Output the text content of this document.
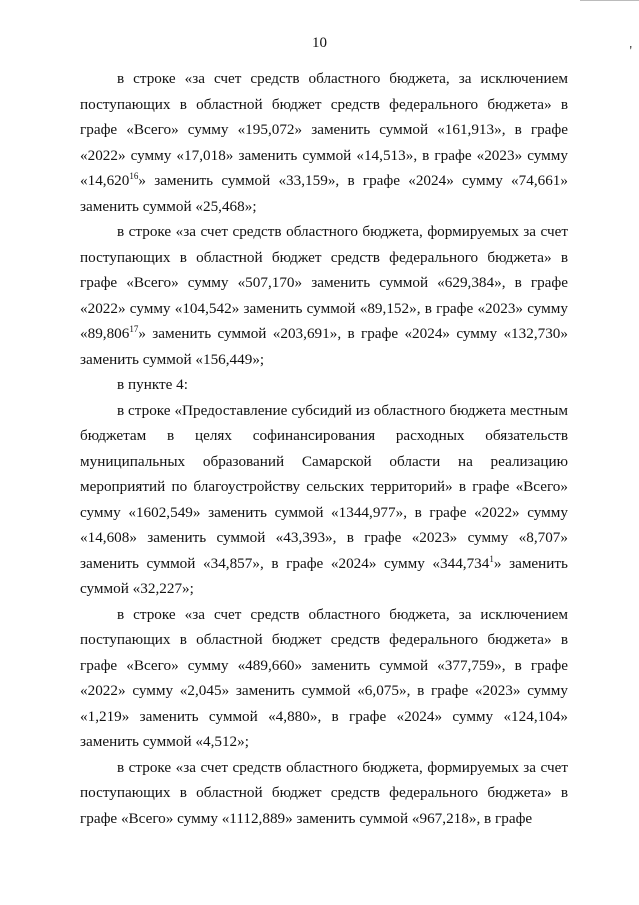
10
'

в строке «за счет средств областного бюджета, за исключением поступающих в областной бюджет средств федерального бюджета» в графе «Всего» сумму «195,072» заменить суммой «161,913», в графе «2022» сумму «17,018» заменить суммой «14,513», в графе «2023» сумму «14,620$^{16}$» заменить суммой «33,159», в графе «2024» сумму «74,661» заменить суммой «25,468»;

в строке «за счет средств областного бюджета, формируемых за счет поступающих в областной бюджет средств федерального бюджета» в графе «Всего» сумму «507,170» заменить суммой «629,384», в графе «2022» сумму «104,542» заменить суммой «89,152», в графе «2023» сумму «89,806$^{17}$» заменить суммой «203,691», в графе «2024» сумму «132,730» заменить суммой «156,449»;

в пункте 4:

в строке «Предоставление субсидий из областного бюджета местным бюджетам в целях софинансирования расходных обязательств муниципальных образований Самарской области на реализацию мероприятий по благоустройству сельских территорий» в графе «Всего» сумму «1602,549» заменить суммой «1344,977», в графе «2022» сумму «14,608» заменить суммой «43,393», в графе «2023» сумму «8,707» заменить суммой «34,857», в графе «2024» сумму «344,734$^1$» заменить суммой «32,227»;

в строке «за счет средств областного бюджета, за исключением поступающих в областной бюджет средств федерального бюджета» в графе «Всего» сумму «489,660» заменить суммой «377,759», в графе «2022» сумму «2,045» заменить суммой «6,075», в графе «2023» сумму «1,219» заменить суммой «4,880», в графе «2024» сумму «124,104» заменить суммой «4,512»;

в строке «за счет средств областного бюджета, формируемых за счет поступающих в областной бюджет средств федерального бюджета» в графе «Всего» сумму «1112,889» заменить суммой «967,218», в графе
